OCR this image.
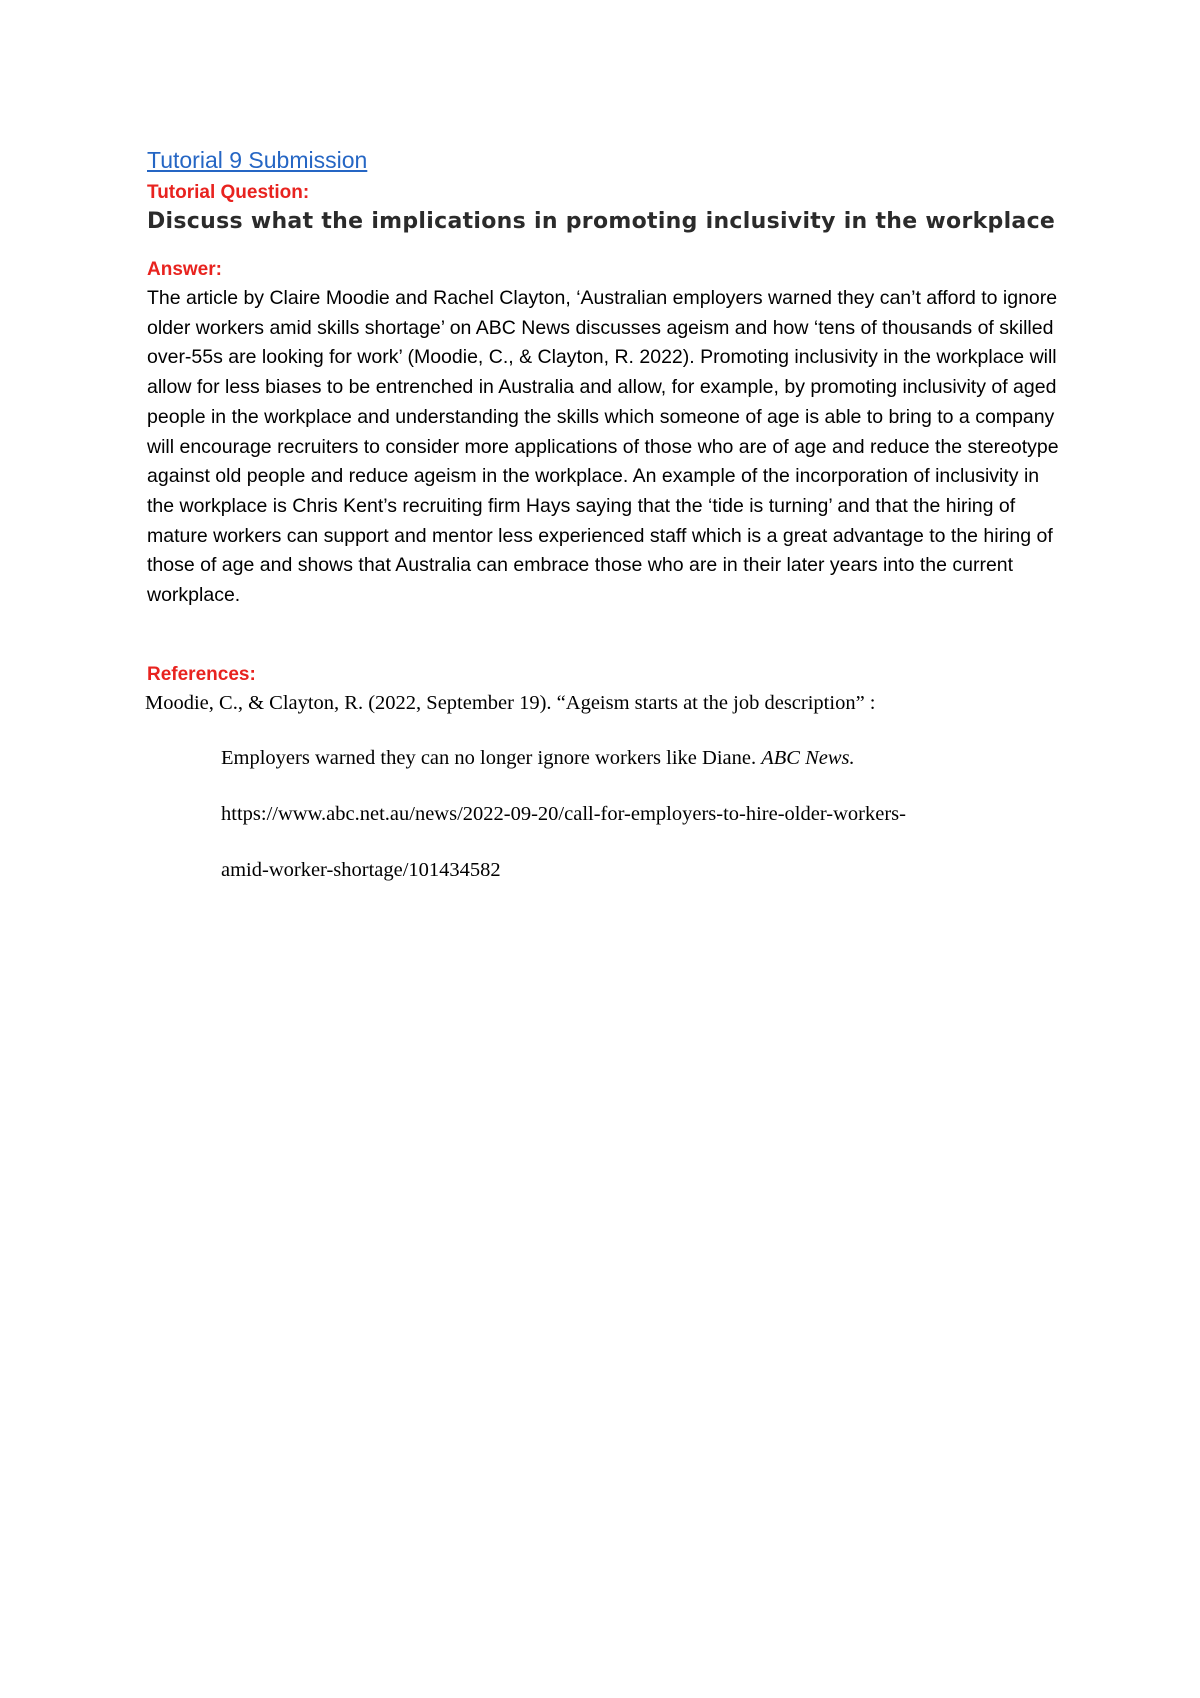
Tutorial 9 Submission
Tutorial Question:
Discuss what the implications in promoting inclusivity in the workplace
Answer:
The article by Claire Moodie and Rachel Clayton, ‘Australian employers warned they can’t afford to ignore older workers amid skills shortage’ on ABC News discusses ageism and how ‘tens of thousands of skilled over-55s are looking for work’ (Moodie, C., & Clayton, R. 2022). Promoting inclusivity in the workplace will allow for less biases to be entrenched in Australia and allow, for example, by promoting inclusivity of aged people in the workplace and understanding the skills which someone of age is able to bring to a company will encourage recruiters to consider more applications of those who are of age and reduce the stereotype against old people and reduce ageism in the workplace. An example of the incorporation of inclusivity in the workplace is Chris Kent’s recruiting firm Hays saying that the ‘tide is turning’ and that the hiring of mature workers can support and mentor less experienced staff which is a great advantage to the hiring of those of age and shows that Australia can embrace those who are in their later years into the current workplace.
References:
Moodie, C., & Clayton, R. (2022, September 19). “Ageism starts at the job description” :
Employers warned they can no longer ignore workers like Diane. ABC News.
https://www.abc.net.au/news/2022-09-20/call-for-employers-to-hire-older-workers-
amid-worker-shortage/101434582
